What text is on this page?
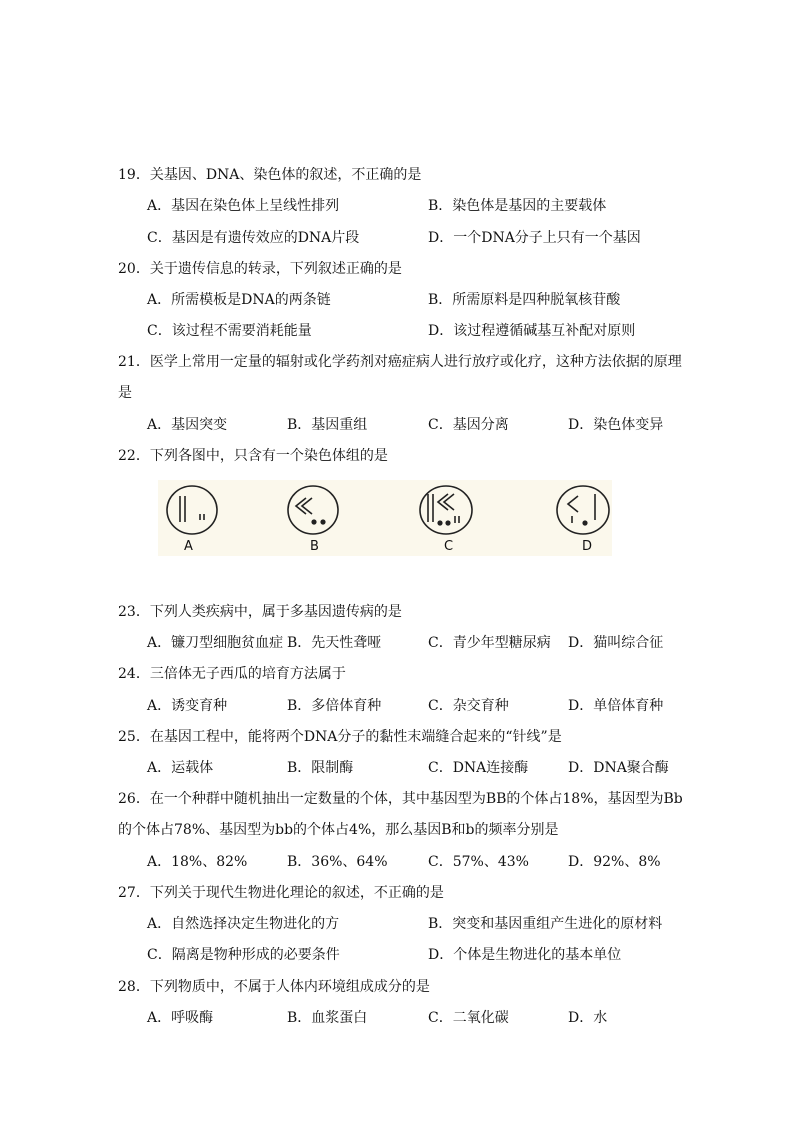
19．关基因、DNA、染色体的叙述，不正确的是
A．基因在染色体上呈线性排列	B．染色体是基因的主要载体
C．基因是有遗传效应的DNA片段	D．一个DNA分子上只有一个基因
20．关于遗传信息的转录，下列叙述正确的是
A．所需模板是DNA的两条链	B．所需原料是四种脱氧核苷酸
C．该过程不需要消耗能量	D．该过程遵循碱基互补配对原则
21．医学上常用一定量的辐射或化学药剂对癌症病人进行放疗或化疗，这种方法依据的原理
是
A．基因突变	B．基因重组	C．基因分离	D．染色体变异
22．下列各图中，只含有一个染色体组的是
A	B	C	D
23．下列人类疾病中，属于多基因遗传病的是
A．镰刀型细胞贫血症 B．先天性聋哑	C．青少年型糖尿病 D．猫叫综合征
24．三倍体无子西瓜的培育方法属于
A．诱变育种	B．多倍体育种	C．杂交育种	D．单倍体育种
25．在基因工程中，能将两个DNA分子的黏性末端缝合起来的“针线”是
A．运载体	B．限制酶	C．DNA连接酶	D．DNA聚合酶
26．在一个种群中随机抽出一定数量的个体，其中基因型为BB的个体占18%，基因型为Bb
的个体占78%、基因型为bb的个体占4%，那么基因B和b的频率分别是
A．18%、82%	B．36%、64%	C．57%、43%	D．92%、8%
27．下列关于现代生物进化理论的叙述，不正确的是
A．自然选择决定生物进化的方	B．突变和基因重组产生进化的原材料
C．隔离是物种形成的必要条件	D．个体是生物进化的基本单位
28．下列物质中，不属于人体内环境组成成分的是
A．呼吸酶	B．血浆蛋白	C．二氧化碳	D．水
